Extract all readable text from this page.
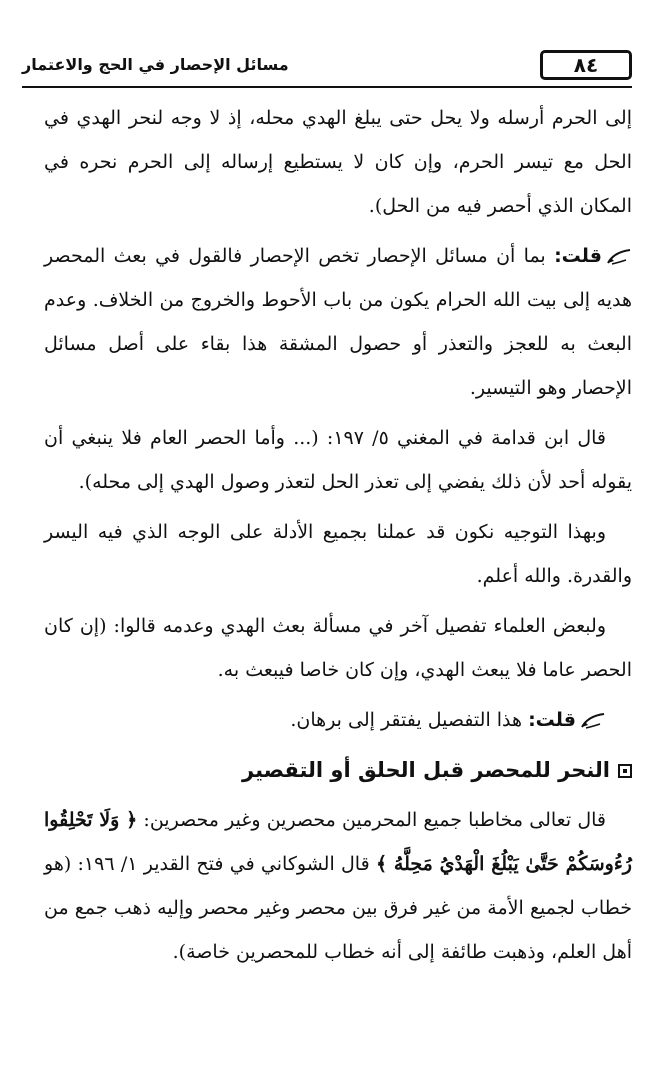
٨٤
مسائل الإحصار في الحج والاعتمار

إلى الحرم أرسله ولا يحل حتى يبلغ الهدي محله، إذ لا وجه لنحر الهدي في الحل مع تيسر الحرم، وإن كان لا يستطيع إرساله إلى الحرم نحره في المكان الذي أحصر فيه من الحل).

قلت: بما أن مسائل الإحصار تخص الإحصار فالقول في بعث المحصر هديه إلى بيت الله الحرام يكون من باب الأحوط والخروج من الخلاف. وعدم البعث به للعجز والتعذر أو حصول المشقة هذا بقاء على أصل مسائل الإحصار وهو التيسير.

قال ابن قدامة في المغني ٥/ ١٩٧: (... وأما الحصر العام فلا ينبغي أن يقوله أحد لأن ذلك يفضي إلى تعذر الحل لتعذر وصول الهدي إلى محله).

وبهذا التوجيه نكون قد عملنا بجميع الأدلة على الوجه الذي فيه اليسر والقدرة. والله أعلم.

ولبعض العلماء تفصيل آخر في مسألة بعث الهدي وعدمه قالوا: (إن كان الحصر عاما فلا يبعث الهدي، وإن كان خاصا فيبعث به.

قلت: هذا التفصيل يفتقر إلى برهان.

النحر للمحصر قبل الحلق أو التقصير

قال تعالى مخاطبا جميع المحرمين محصرين وغير محصرين: ﴿ وَلَا تَحْلِقُوا رُءُوسَكُمْ حَتَّىٰ يَبْلُغَ الْهَدْيُ مَحِلَّهُ ﴾ قال الشوكاني في فتح القدير ١/ ١٩٦: (هو خطاب لجميع الأمة من غير فرق بين محصر وغير محصر وإليه ذهب جمع من أهل العلم، وذهبت طائفة إلى أنه خطاب للمحصرين خاصة).
